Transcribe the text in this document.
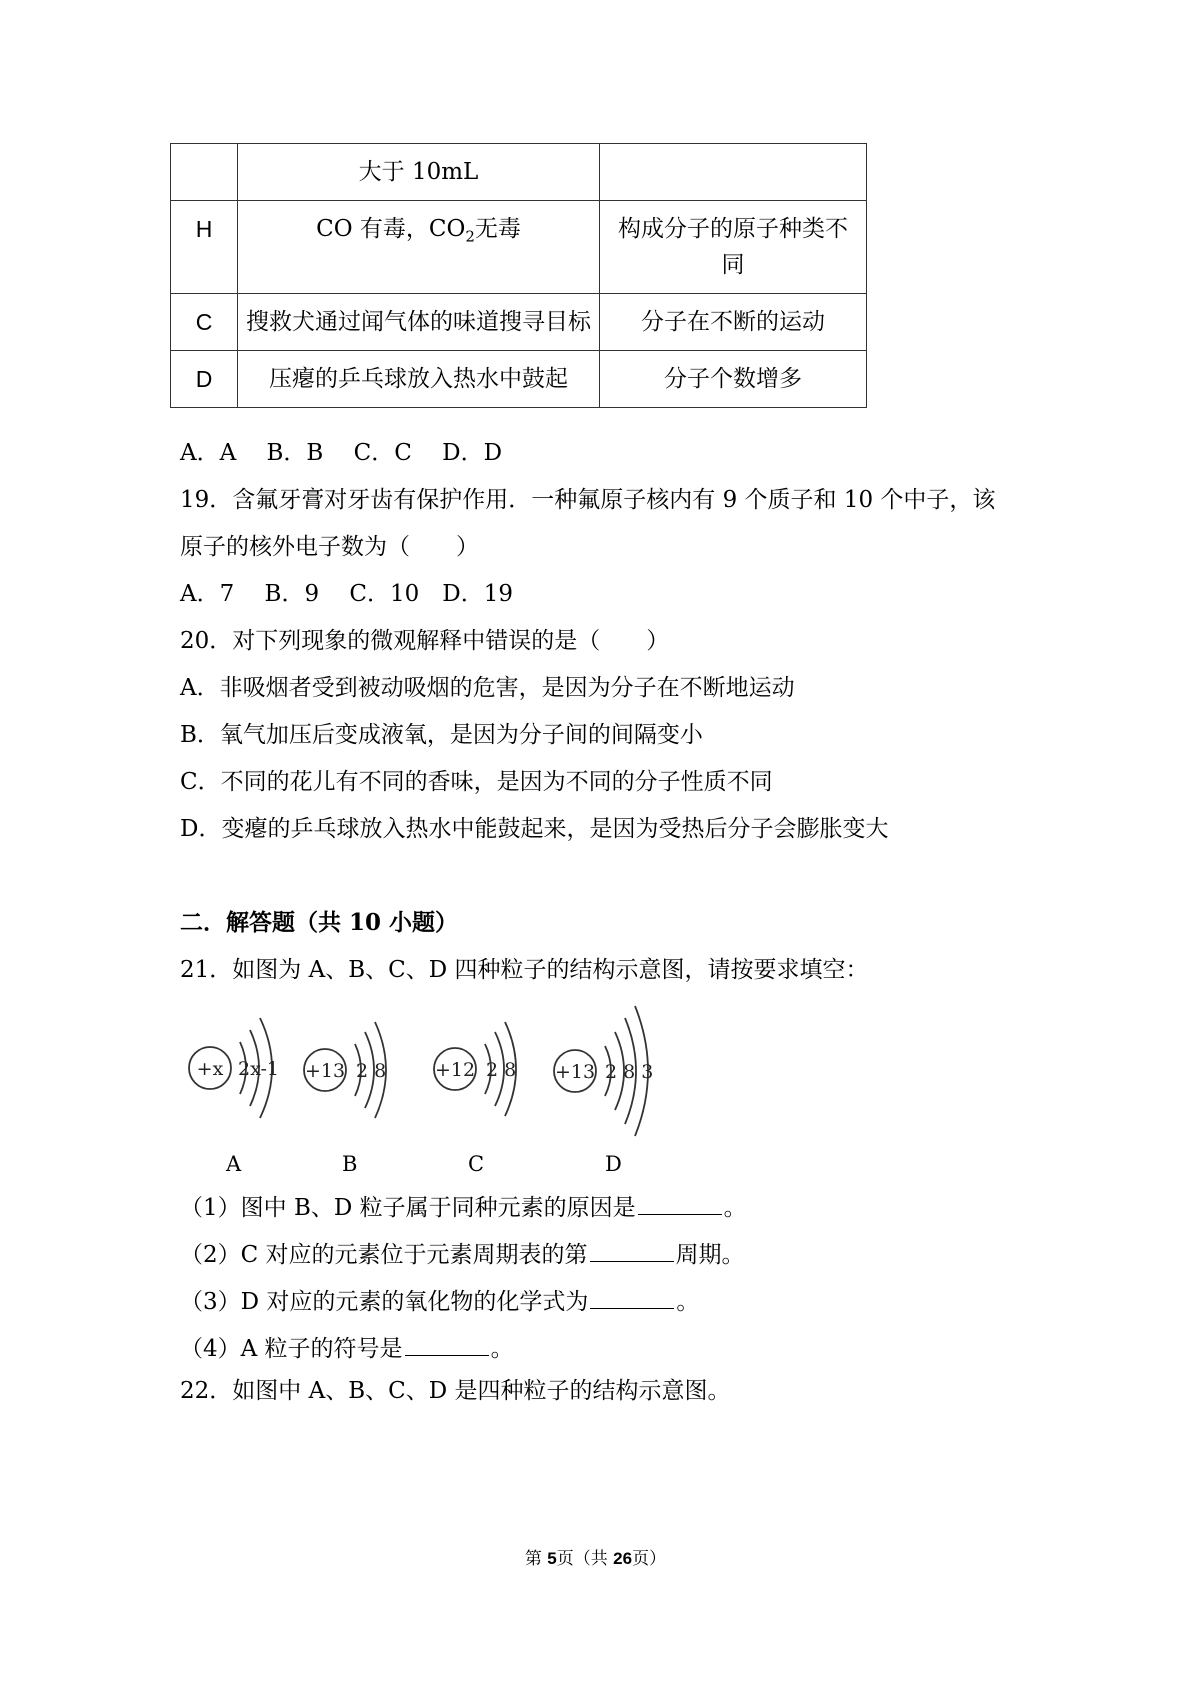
	大于 10mL	
H	CO 有毒，$CO_2$无毒	构成分子的原子种类不同
C	搜救犬通过闻气体的味道搜寻目标	分子在不断的运动
D	压瘪的乒乓球放入热水中鼓起	分子个数增多
A．A　 B．B　 C．C　 D．D
19．含氟牙膏对牙齿有保护作用．一种氟原子核内有 9 个质子和 10 个中子，该
原子的核外电子数为（　　）
A．7　 B．9　 C．10　D．19
20．对下列现象的微观解释中错误的是（　　）
A．非吸烟者受到被动吸烟的危害，是因为分子在不断地运动
B．氧气加压后变成液氧，是因为分子间的间隔变小
C．不同的花儿有不同的香味，是因为不同的分子性质不同
D．变瘪的乒乓球放入热水中能鼓起来，是因为受热后分子会膨胀变大
二．解答题（共 10 小题）
21．如图为 A、B、C、D 四种粒子的结构示意图，请按要求填空：
+x 2x-1 +13 2 8	+12 2 8 +13 2 8 3
A	B	C	D
（1）图中 B、D 粒子属于同种元素的原因是	。
（2）C 对应的元素位于元素周期表的第	周期。
（3）D 对应的元素的氧化物的化学式为	。
（4）A 粒子的符号是	。
22．如图中 A、B、C、D 是四种粒子的结构示意图。
第 5页（共 26页）
